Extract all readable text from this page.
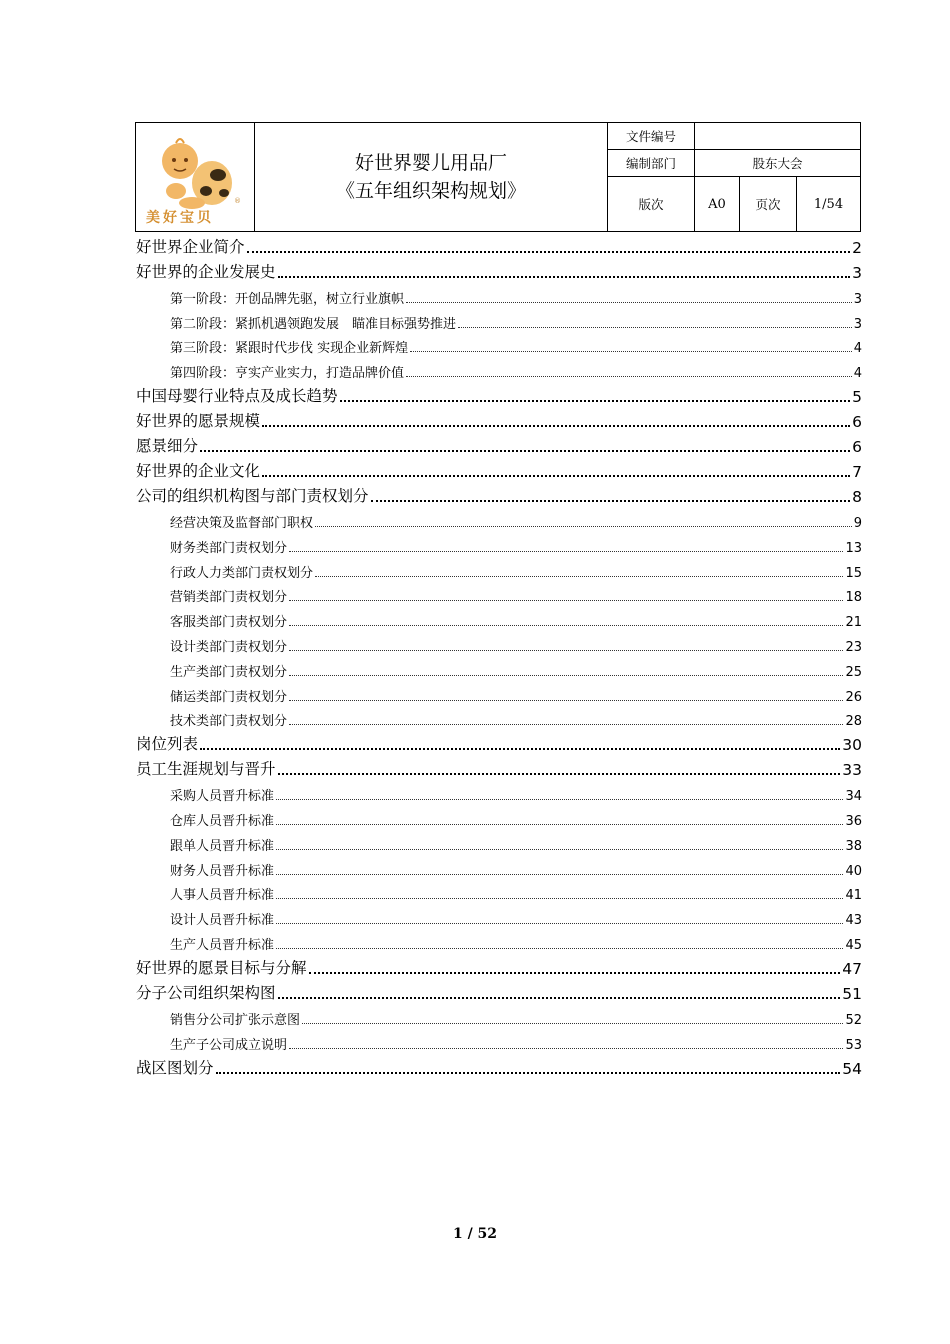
®
美好宝贝
好世界婴儿用品厂
《五年组织架构规划》
文件编号
编制部门	股东大会
版次	A0	页次	1/54
好世界企业简介	2
好世界的企业发展史	3
第一阶段：开创品牌先驱，树立行业旗帜	3
第二阶段：紧抓机遇领跑发展　瞄准目标强势推进	3
第三阶段：紧跟时代步伐 实现企业新辉煌	4
第四阶段：亨实产业实力，打造品牌价值	4
中国母婴行业特点及成长趋势	5
好世界的愿景规模	6
愿景细分	6
好世界的企业文化	7
公司的组织机构图与部门责权划分	8
经营决策及监督部门职权	9
财务类部门责权划分	13
行政人力类部门责权划分	15
营销类部门责权划分	18
客服类部门责权划分	21
设计类部门责权划分	23
生产类部门责权划分	25
储运类部门责权划分	26
技术类部门责权划分	28
岗位列表	30
员工生涯规划与晋升	33
采购人员晋升标准	34
仓库人员晋升标准	36
跟单人员晋升标准	38
财务人员晋升标准	40
人事人员晋升标准	41
设计人员晋升标准	43
生产人员晋升标准	45
好世界的愿景目标与分解	47
分子公司组织架构图	51
销售分公司扩张示意图	52
生产子公司成立说明	53
战区图划分	54
1 / 52
